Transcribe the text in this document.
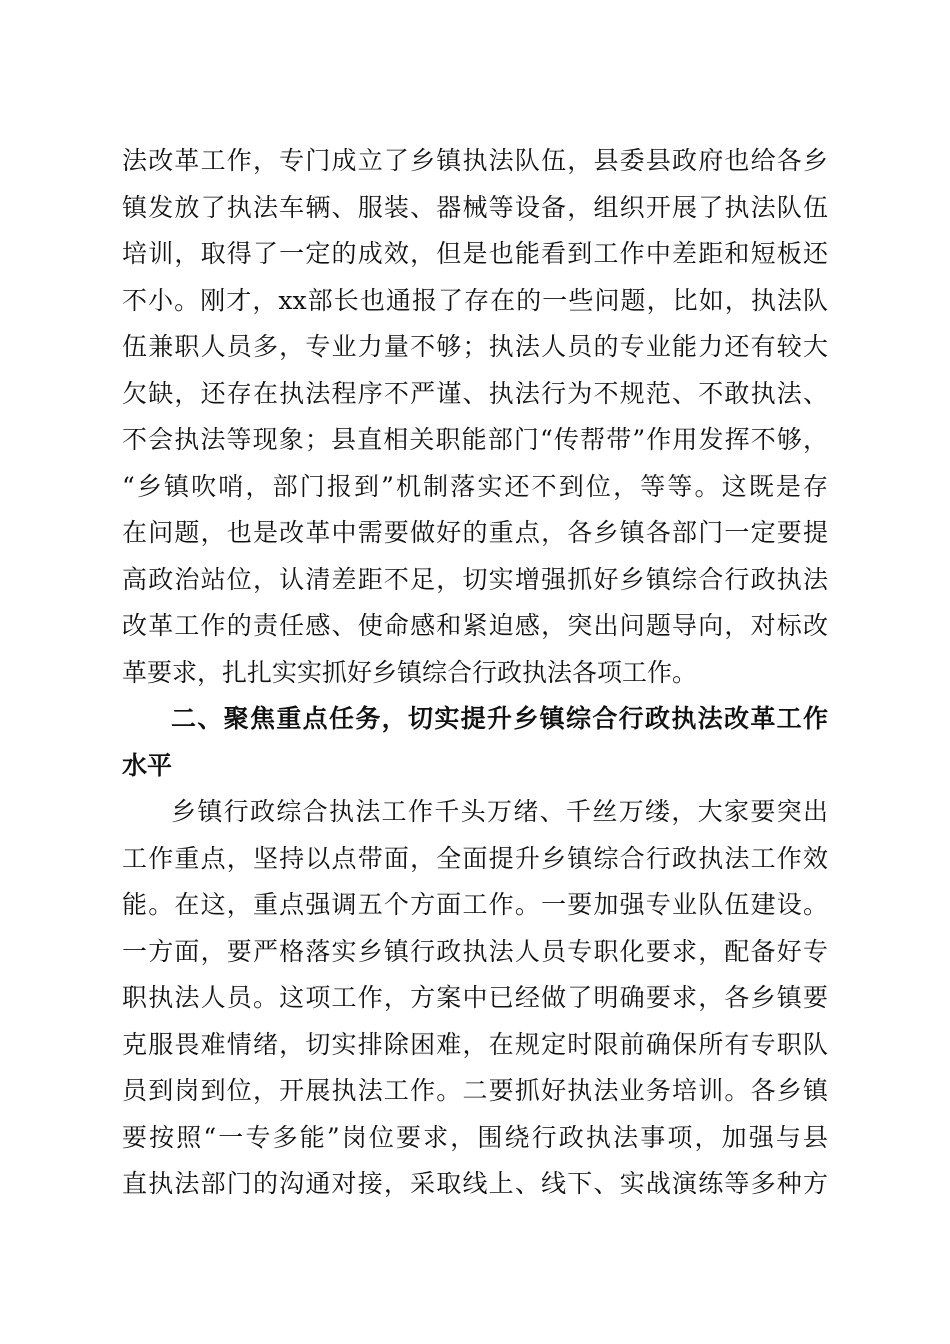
法改革工作，专门成立了乡镇执法队伍，县委县政府也给各乡

镇发放了执法车辆、服装、器械等设备，组织开展了执法队伍

培训，取得了一定的成效，但是也能看到工作中差距和短板还

不小。刚才，xx部长也通报了存在的一些问题，比如，执法队

伍兼职人员多，专业力量不够；执法人员的专业能力还有较大

欠缺，还存在执法程序不严谨、执法行为不规范、不敢执法、

不会执法等现象；县直相关职能部门“传帮带”作用发挥不够，

“乡镇吹哨，部门报到”机制落实还不到位，等等。这既是存

在问题，也是改革中需要做好的重点，各乡镇各部门一定要提

高政治站位，认清差距不足，切实增强抓好乡镇综合行政执法

改革工作的责任感、使命感和紧迫感，突出问题导向，对标改

革要求，扎扎实实抓好乡镇综合行政执法各项工作。

二、聚焦重点任务，切实提升乡镇综合行政执法改革工作

水平

乡镇行政综合执法工作千头万绪、千丝万缕，大家要突出

工作重点，坚持以点带面，全面提升乡镇综合行政执法工作效

能。在这，重点强调五个方面工作。一要加强专业队伍建设。

一方面，要严格落实乡镇行政执法人员专职化要求，配备好专

职执法人员。这项工作，方案中已经做了明确要求，各乡镇要

克服畏难情绪，切实排除困难，在规定时限前确保所有专职队

员到岗到位，开展执法工作。二要抓好执法业务培训。各乡镇

要按照“一专多能”岗位要求，围绕行政执法事项，加强与县

直执法部门的沟通对接，采取线上、线下、实战演练等多种方
